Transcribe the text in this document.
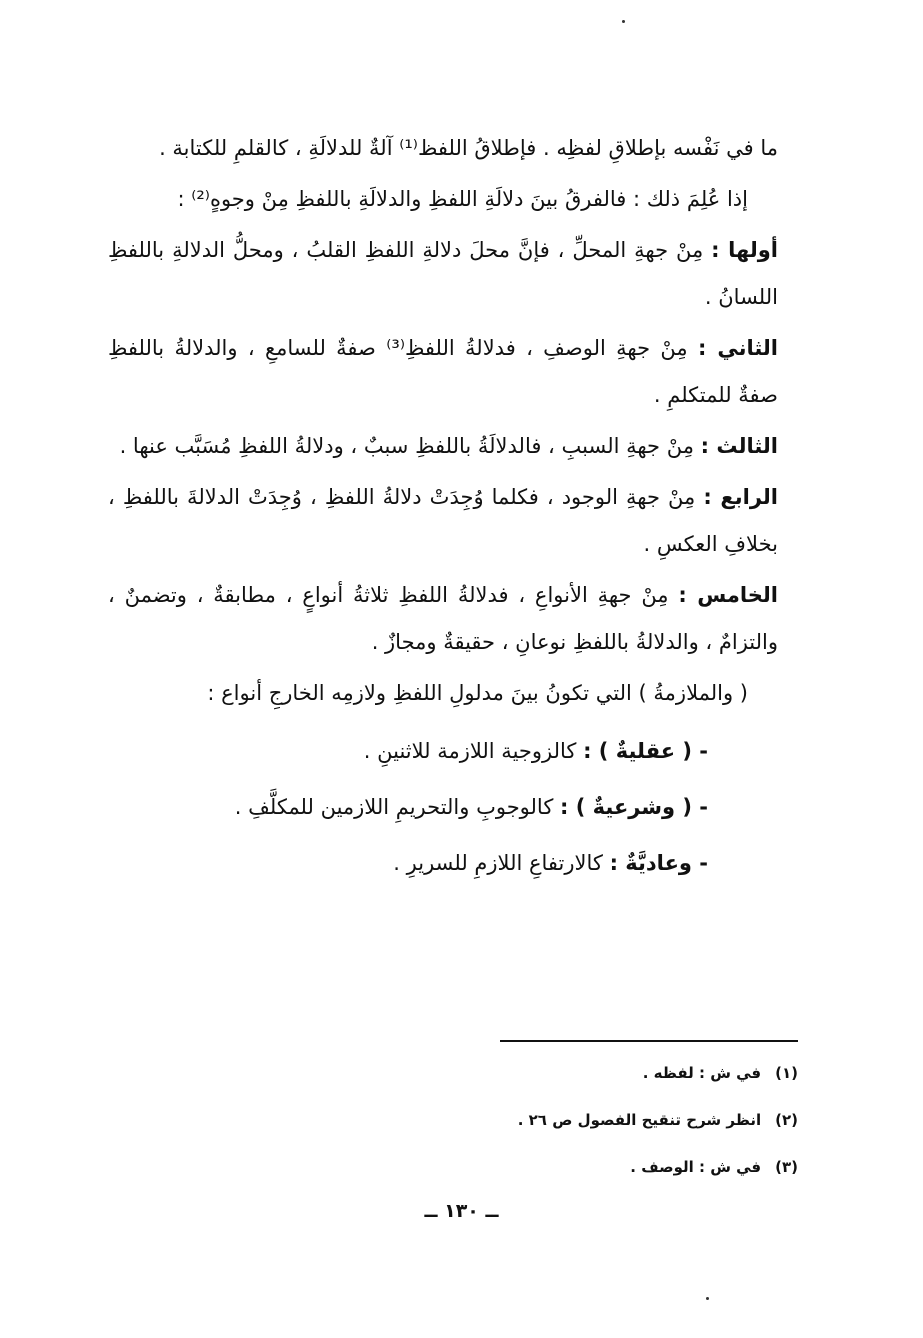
ما في نَفْسه بإطلاقِ لفظِه . فإطلاقُ اللفظ⁽¹⁾ آلةٌ للدلالَةِ ، كالقلمِ للكتابة .

إذا عُلِمَ ذلك : فالفرقُ بينَ دلالَةِ اللفظِ والدلالَةِ باللفظِ مِنْ وجوهٍ⁽²⁾ :

أولها : مِنْ جهةِ المحلِّ ، فإنَّ محلَ دلالةِ اللفظِ القلبُ ، ومحلُّ الدلالةِ باللفظِ اللسانُ .

الثاني : مِنْ جهةِ الوصفِ ، فدلالةُ اللفظِ⁽³⁾ صفةٌ للسامعِ ، والدلالةُ باللفظِ صفةٌ للمتكلمِ .

الثالث : مِنْ جهةِ السببِ ، فالدلالَةُ باللفظِ سببٌ ، ودلالةُ اللفظِ مُسَبَّب عنها .

الرابع : مِنْ جهةِ الوجود ، فكلما وُجِدَتْ دلالةُ اللفظِ ، وُجِدَتْ الدلالةَ باللفظِ ، بخلافِ العكسِ .

الخامس : مِنْ جهةِ الأنواعِ ، فدلالةُ اللفظِ ثلاثةُ أنواعٍ ، مطابقةٌ ، وتضمنٌ ، والتزامٌ ، والدلالةُ باللفظِ نوعانِ ، حقيقةٌ ومجازٌ .

( والملازمةُ ) التي تكونُ بينَ مدلولِ اللفظِ ولازمِه الخارجِ أنواع :

- ( عقليةٌ ) : كالزوجية اللازمة للاثنينِ .
- ( وشرعيةٌ ) : كالوجوبِ والتحريمِ اللازمين للمكلَّفِ .
- وعاديَّةٌ : كالارتفاعِ اللازمِ للسريرِ .
(١)في ش : لفظه .
(٢)انظر شرح تنقيح الفصول ص ٢٦ .
(٣)في ش : الوصف .
ــ ١٣٠ ــ
